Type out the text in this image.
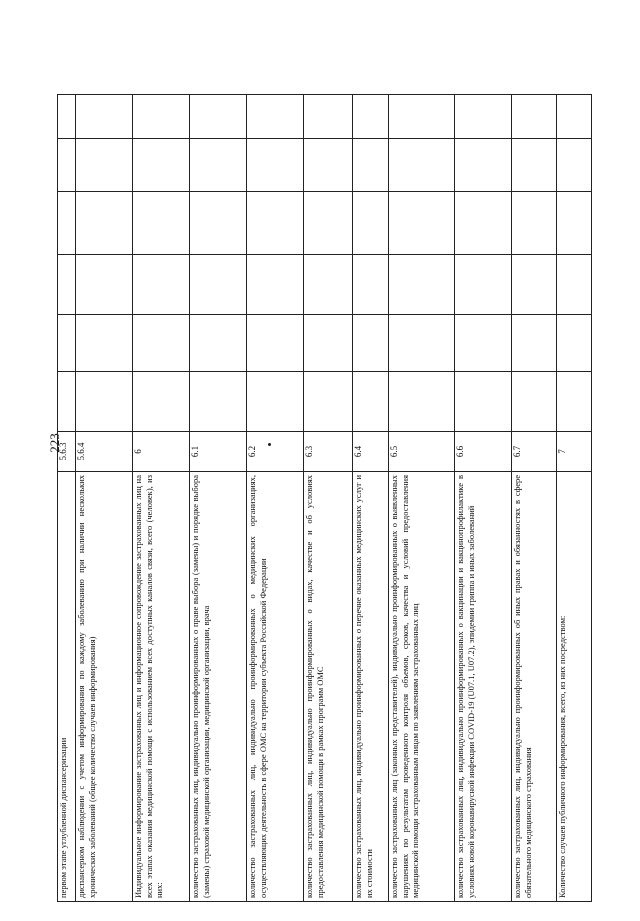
223
первом этапе углубленной диспансеризации	5.6.3						
диспансерном наблюдении с учетом информирования по каждому заболеванию при наличии нескольких хронических заболеваний (общее количество случаев информирования)	5.6.4						
Индивидуальное информирование застрахованных лиц и информационное сопровождение застрахованных лиц на всех этапах оказания медицинской помощи с использованием всех доступных каналов связи, всего (человек), из них:	6						
количество застрахованных лиц, индивидуально проинформированных о праве выбора (замены) и порядке выбора (замены) страховой медицинской организации, медицинской организации, врача	6.1						
количество застрахованных лиц, индивидуально проинформированных о медицинских организациях, осуществляющих деятельность в сфере ОМС на территории субъекта Российской Федерации	6.2						
количество застрахованных лиц, индивидуально проинформированных о видах, качестве и об условиях предоставления медицинской помощи в рамках программ ОМС	6.3						
количество застрахованных лиц, индивидуально проинформированных о перечне оказанных медицинских услуг и их стоимости	6.4						
количество застрахованных лиц (законных представителей), индивидуально проинформированных о выявленных нарушениях по результатам проведенного контроля объемов, сроков, качества и условий предоставления медицинской помощи застрахованным лицам по заявлениям застрахованных лиц	6.5						
количество застрахованных лиц, индивидуально проинформированных о вакцинации и вакцинопрофилактике в условиях новой коронавирусной инфекции COVID-19 (U07.1, U07.2), эпидемии гриппа и иных заболеваний	6.6						
количество застрахованных лиц, индивидуально проинформированных об иных правах и обязанностях в сфере обязательного медицинского страхования	6.7						
Количество случаев публичного информирования, всего, из них посредством:	7						
